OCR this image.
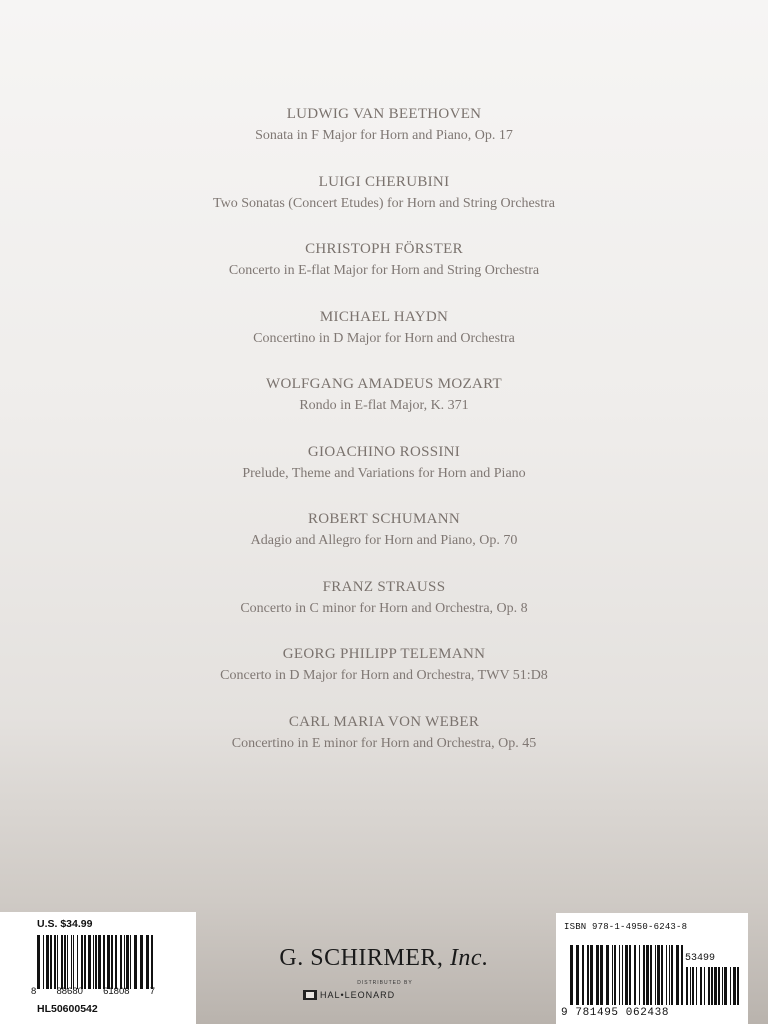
LUDWIG VAN BEETHOVEN
Sonata in F Major for Horn and Piano, Op. 17
LUIGI CHERUBINI
Two Sonatas (Concert Etudes) for Horn and String Orchestra
CHRISTOPH FÖRSTER
Concerto in E-flat Major for Horn and String Orchestra
MICHAEL HAYDN
Concertino in D Major for Horn and Orchestra
WOLFGANG AMADEUS MOZART
Rondo in E-flat Major, K. 371
GIOACHINO ROSSINI
Prelude, Theme and Variations for Horn and Piano
ROBERT SCHUMANN
Adagio and Allegro for Horn and Piano, Op. 70
FRANZ STRAUSS
Concerto in C minor for Horn and Orchestra, Op. 8
GEORG PHILIPP TELEMANN
Concerto in D Major for Horn and Orchestra, TWV 51:D8
CARL MARIA VON WEBER
Concertino in E minor for Horn and Orchestra, Op. 45
U.S. $34.99
8 88680 61808 7
HL50600542
ISBN 978-1-4950-6243-8
53499
9 781495 062438
G. SCHIRMER, Inc.
DISTRIBUTED BY
HAL•LEONARD
